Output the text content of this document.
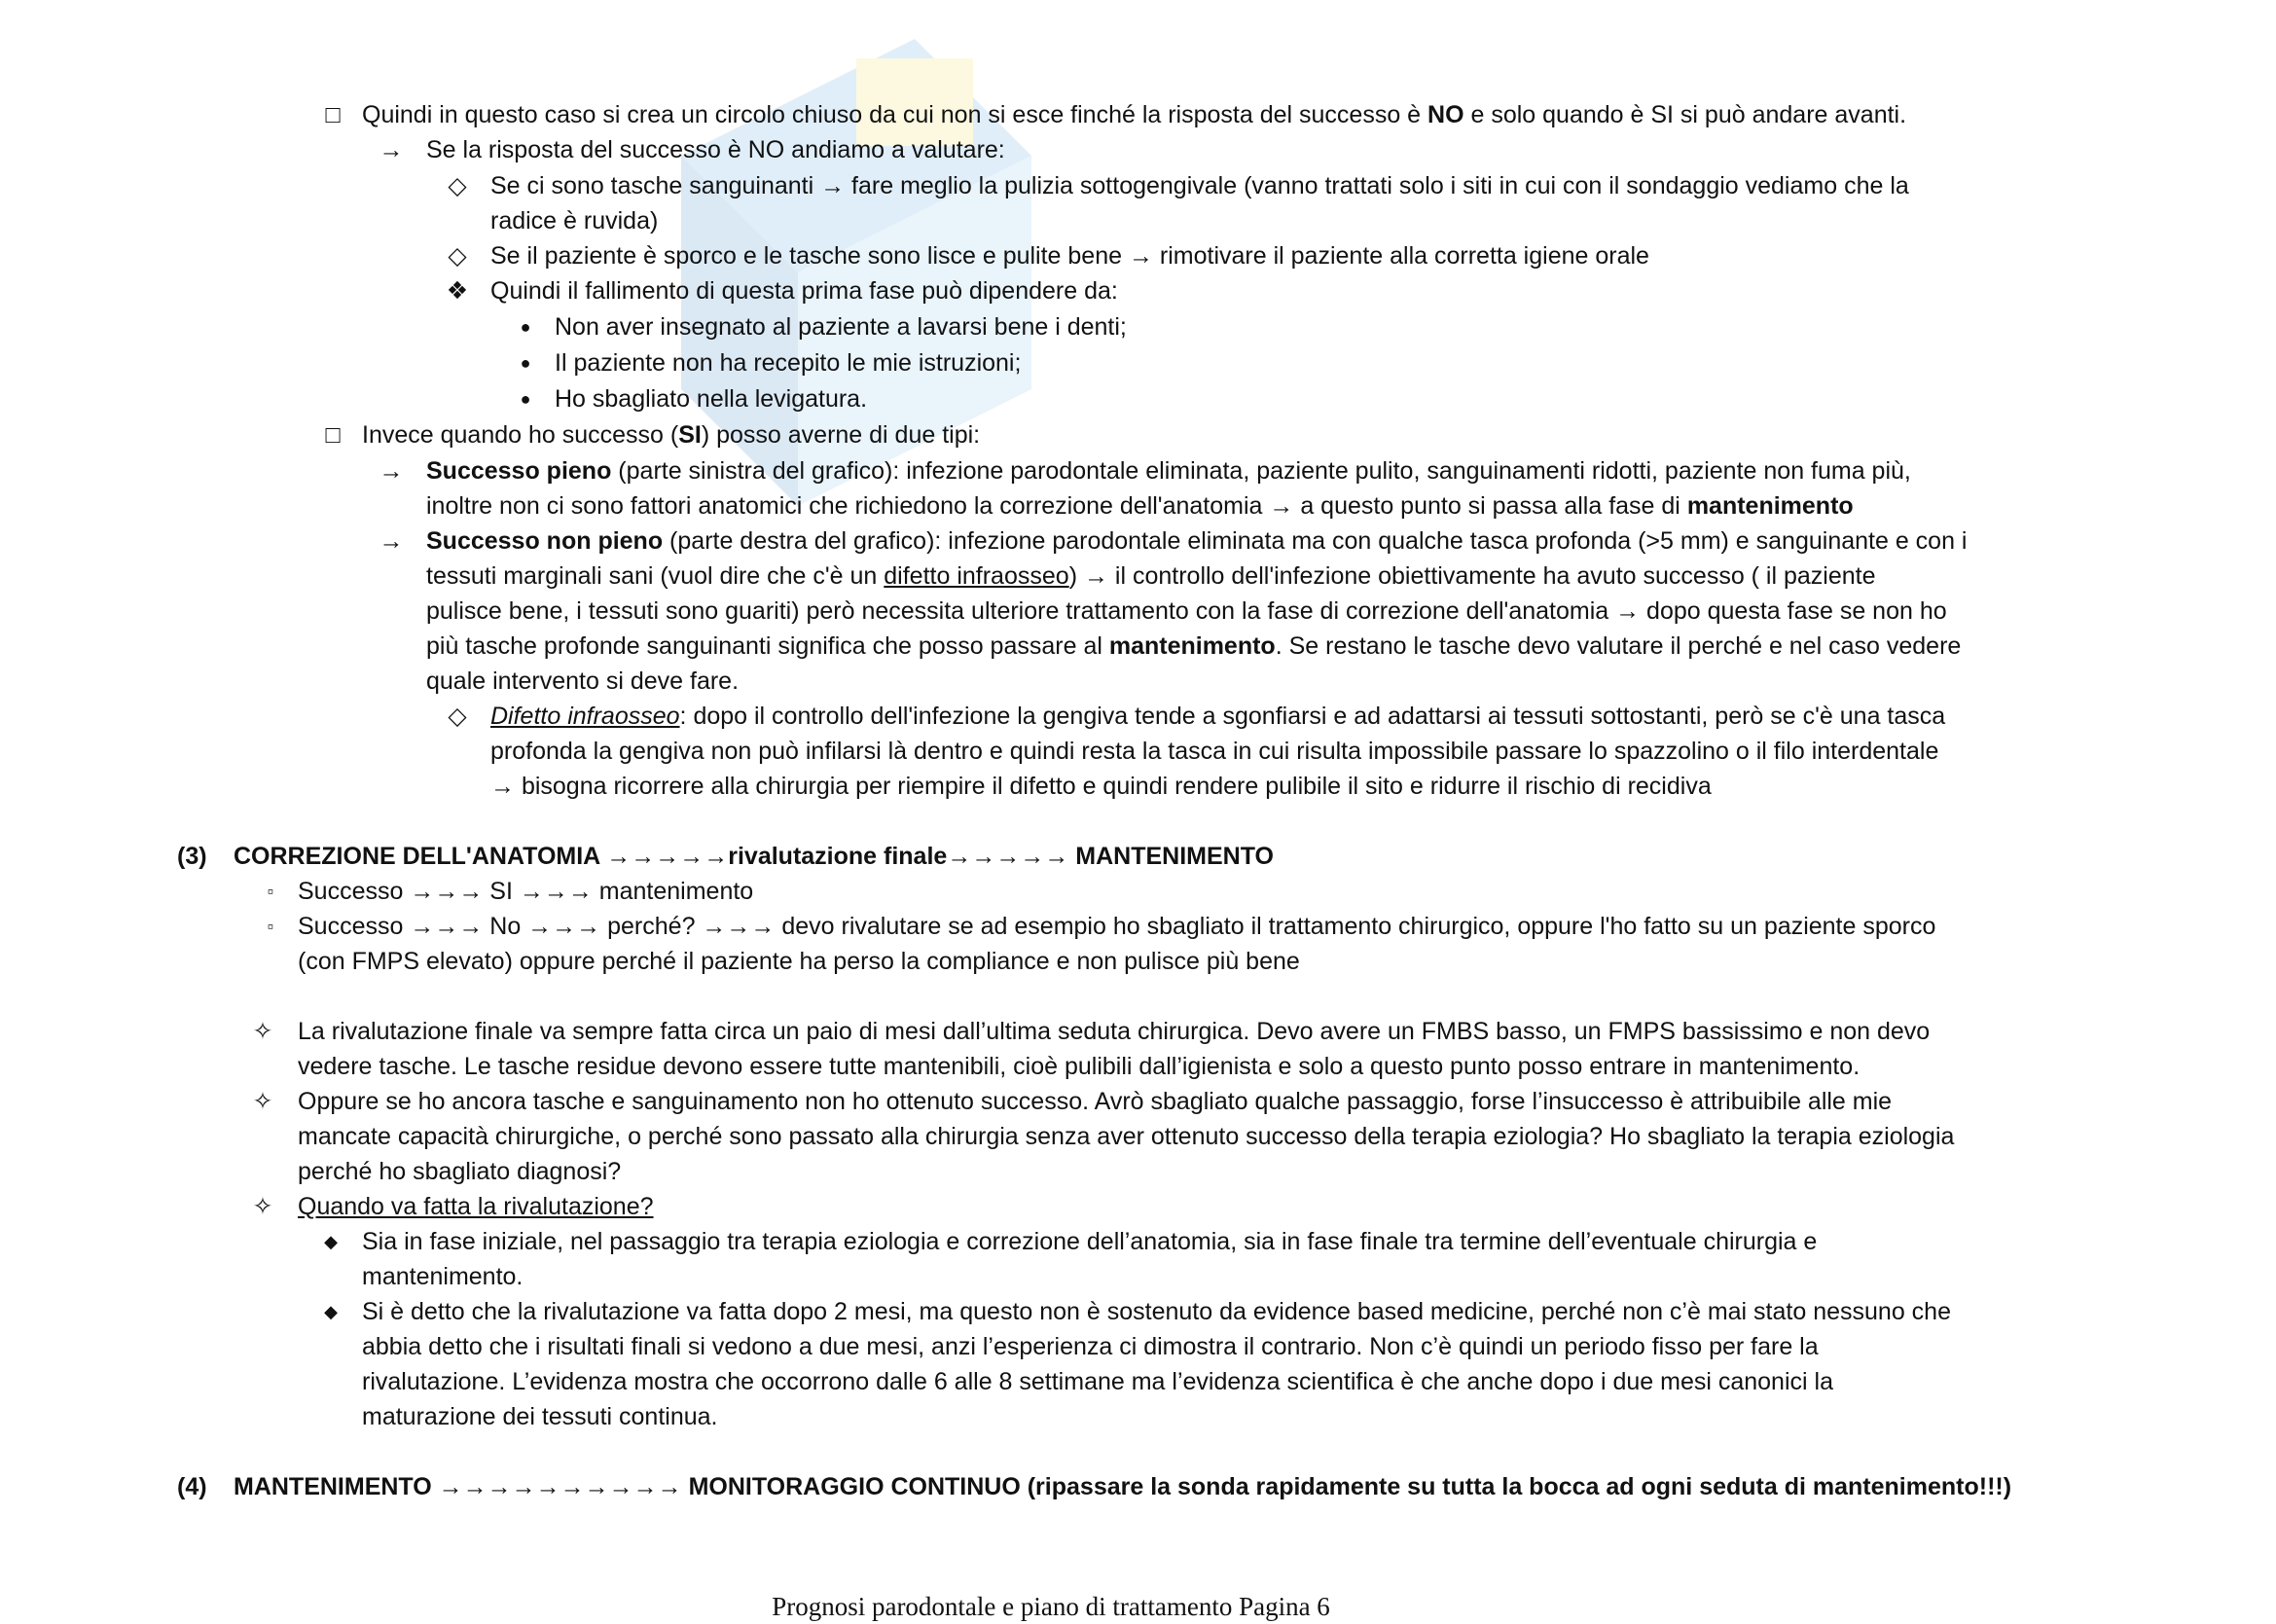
□ Quindi in questo caso si crea un circolo chiuso da cui non si esce finché la risposta del successo è NO e solo quando è SI si può andare avanti.
→ Se la risposta del successo è NO andiamo a valutare:
◇ Se ci sono tasche sanguinanti → fare meglio la pulizia sottogengivale (vanno trattati solo i siti in cui con il sondaggio vediamo che la
radice è ruvida)
◇ Se il paziente è sporco e le tasche sono lisce e pulite bene → rimotivare il paziente alla corretta igiene orale
❖ Quindi il fallimento di questa prima fase può dipendere da:
● Non aver insegnato al paziente a lavarsi bene i denti;
● Il paziente non ha recepito le mie istruzioni;
● Ho sbagliato nella levigatura.
□ Invece quando ho successo (SI) posso averne di due tipi:
→ Successo pieno (parte sinistra del grafico): infezione parodontale eliminata, paziente pulito, sanguinamenti ridotti, paziente non fuma più,
inoltre non ci sono fattori anatomici che richiedono la correzione dell'anatomia → a questo punto si passa alla fase di mantenimento
→ Successo non pieno (parte destra del grafico): infezione parodontale eliminata ma con qualche tasca profonda (>5 mm) e sanguinante e con i
tessuti marginali sani (vuol dire che c'è un difetto infraosseo) → il controllo dell'infezione obiettivamente ha avuto successo ( il paziente
pulisce bene, i tessuti sono guariti) però necessita ulteriore trattamento con la fase di correzione dell'anatomia → dopo questa fase se non ho
più tasche profonde sanguinanti significa che posso passare al mantenimento. Se restano le tasche devo valutare il perché e nel caso vedere
quale intervento si deve fare.
◇ Difetto infraosseo: dopo il controllo dell'infezione la gengiva tende a sgonfiarsi e ad adattarsi ai tessuti sottostanti, però se c'è una tasca
profonda la gengiva non può infilarsi là dentro e quindi resta la tasca in cui risulta impossibile passare lo spazzolino o il filo interdentale
→ bisogna ricorrere alla chirurgia per riempire il difetto e quindi rendere pulibile il sito e ridurre il rischio di recidiva
(3) CORREZIONE DELL'ANATOMIA →→→→→rivalutazione finale→→→→→ MANTENIMENTO
▫ Successo →→→ SI →→→ mantenimento
▫ Successo →→→ No →→→ perché? →→→ devo rivalutare se ad esempio ho sbagliato il trattamento chirurgico, oppure l'ho fatto su un paziente sporco
(con FMPS elevato) oppure perché il paziente ha perso la compliance e non pulisce più bene
✧	La rivalutazione finale va sempre fatta circa un paio di mesi dall’ultima seduta chirurgica. Devo avere un FMBS basso, un FMPS bassissimo e non devo
vedere tasche. Le tasche residue devono essere tutte mantenibili, cioè pulibili dall’igienista e solo a questo punto posso entrare in mantenimento.
✧	Oppure se ho ancora tasche e sanguinamento non ho ottenuto successo. Avrò sbagliato qualche passaggio, forse l’insuccesso è attribuibile alle mie
mancate capacità chirurgiche, o perché sono passato alla chirurgia senza aver ottenuto successo della terapia eziologia? Ho sbagliato la terapia eziologia
perché ho sbagliato diagnosi?
✧	Quando va fatta la rivalutazione?
◆	Sia in fase iniziale, nel passaggio tra terapia eziologia e correzione dell’anatomia, sia in fase finale tra termine dell’eventuale chirurgia e
mantenimento.
◆	Si è detto che la rivalutazione va fatta dopo 2 mesi, ma questo non è sostenuto da evidence based medicine, perché non c’è mai stato nessuno che
abbia detto che i risultati finali si vedono a due mesi, anzi l’esperienza ci dimostra il contrario. Non c’è quindi un periodo fisso per fare la
rivalutazione. L’evidenza mostra che occorrono dalle 6 alle 8 settimane ma l’evidenza scientifica è che anche dopo i due mesi canonici la
maturazione dei tessuti continua.
(4) MANTENIMENTO →→→→→→→→→→ MONITORAGGIO CONTINUO (ripassare la sonda rapidamente su tutta la bocca ad ogni seduta di mantenimento!!!)
Prognosi parodontale e piano di trattamento Pagina 6
